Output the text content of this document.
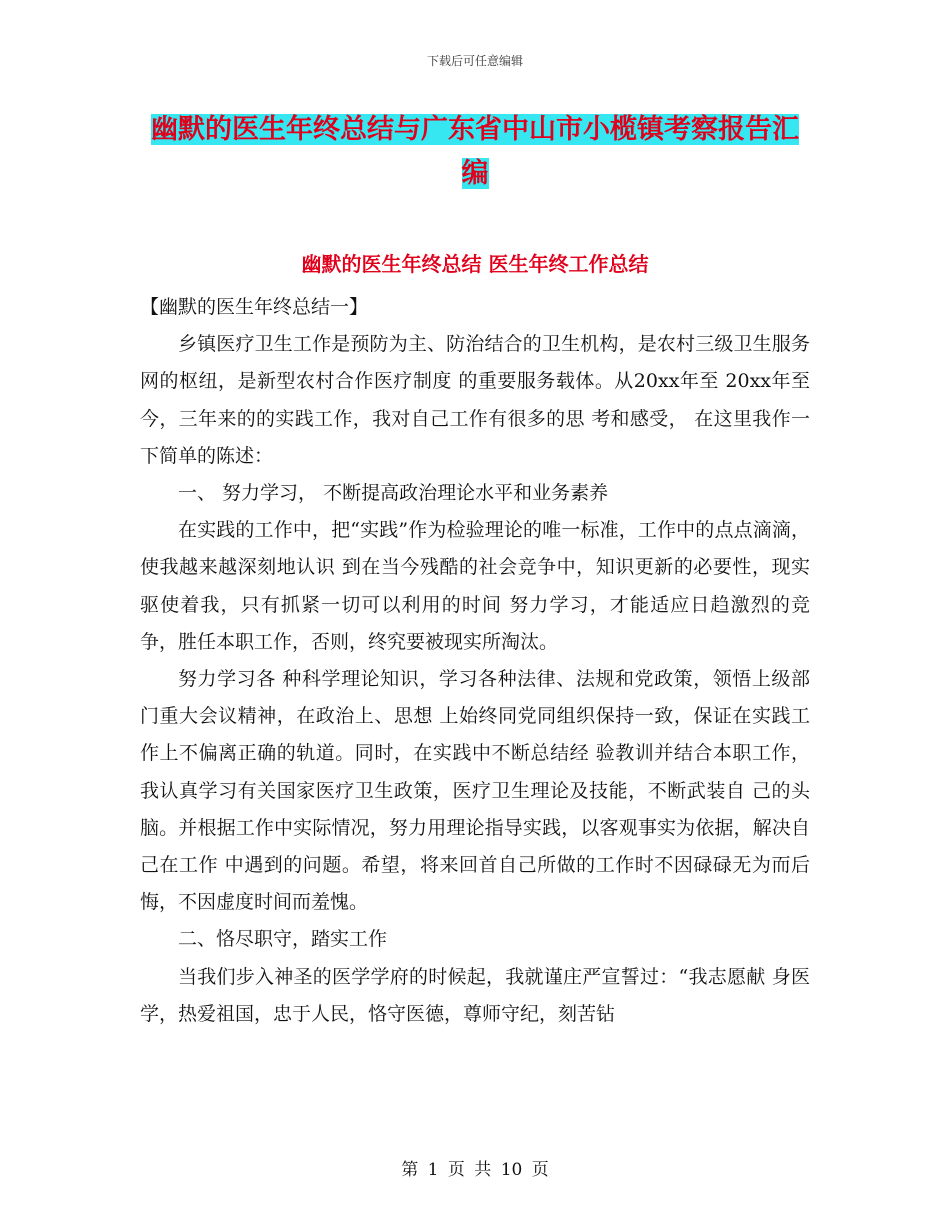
下载后可任意编辑
幽默的医生年终总结与广东省中山市小榄镇考察报告汇编
幽默的医生年终总结 医生年终工作总结

【幽默的医生年终总结一】

乡镇医疗卫生工作是预防为主、防治结合的卫生机构，是农村三级卫生服务网的枢纽，是新型农村合作医疗制度 的重要服务载体。从20xx年至 20xx年至今，三年来的的实践工作，我对自己工作有很多的思 考和感受， 在这里我作一下简单的陈述：

一、 努力学习， 不断提高政治理论水平和业务素养

在实践的工作中，把“实践”作为检验理论的唯一标准，工作中的点点滴滴，使我越来越深刻地认识 到在当今残酷的社会竞争中，知识更新的必要性，现实驱使着我，只有抓紧一切可以利用的时间 努力学习，才能适应日趋激烈的竞争，胜任本职工作，否则，终究要被现实所淘汰。

努力学习各 种科学理论知识，学习各种法律、法规和党政策，领悟上级部门重大会议精神，在政治上、思想 上始终同党同组织保持一致，保证在实践工作上不偏离正确的轨道。同时，在实践中不断总结经 验教训并结合本职工作，我认真学习有关国家医疗卫生政策，医疗卫生理论及技能，不断武装自 己的头脑。并根据工作中实际情况，努力用理论指导实践，以客观事实为依据，解决自己在工作 中遇到的问题。希望，将来回首自己所做的工作时不因碌碌无为而后悔，不因虚度时间而羞愧。

二、恪尽职守，踏实工作

当我们步入神圣的医学学府的时候起，我就谨庄严宣誓过：“我志愿献 身医学，热爱祖国，忠于人民，恪守医德，尊师守纪，刻苦钻

第 1 页 共 10 页
